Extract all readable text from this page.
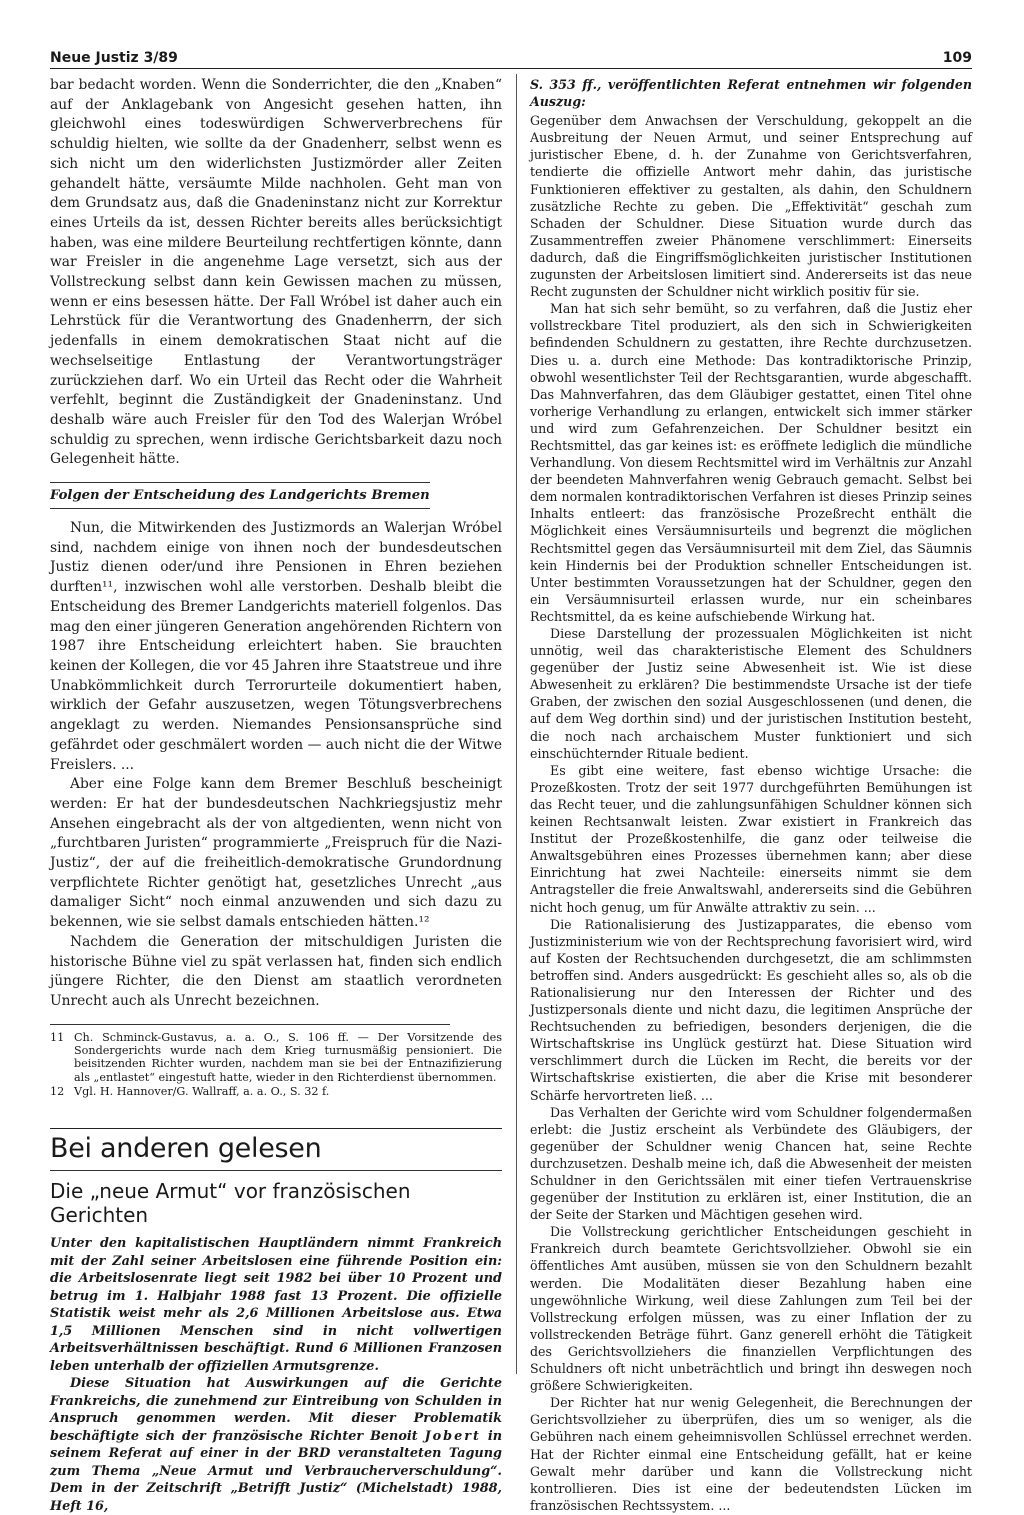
Neue Justiz 3/89	109

bar bedacht worden. Wenn die Sonderrichter, die den „Knaben“ auf der Anklagebank von Angesicht gesehen hatten, ihn gleichwohl eines todeswürdigen Schwerverbrechens für schuldig hielten, wie sollte da der Gnadenherr, selbst wenn es sich nicht um den widerlichsten Justizmörder aller Zeiten gehandelt hätte, versäumte Milde nachholen. Geht man von dem Grundsatz aus, daß die Gnadeninstanz nicht zur Korrektur eines Urteils da ist, dessen Richter bereits alles berücksichtigt haben, was eine mildere Beurteilung rechtfertigen könnte, dann war Freisler in die angenehme Lage versetzt, sich aus der Vollstreckung selbst dann kein Gewissen machen zu müssen, wenn er eins besessen hätte. Der Fall Wróbel ist daher auch ein Lehrstück für die Verantwortung des Gnadenherrn, der sich jedenfalls in einem demokratischen Staat nicht auf die wechselseitige Entlastung der Verantwortungsträger zurückziehen darf. Wo ein Urteil das Recht oder die Wahrheit verfehlt, beginnt die Zuständigkeit der Gnadeninstanz. Und deshalb wäre auch Freisler für den Tod des Walerjan Wróbel schuldig zu sprechen, wenn irdische Gerichtsbarkeit dazu noch Gelegenheit hätte.

Folgen der Entscheidung des Landgerichts Bremen

Nun, die Mitwirkenden des Justizmords an Walerjan Wróbel sind, nachdem einige von ihnen noch der bundesdeutschen Justiz dienen oder/und ihre Pensionen in Ehren beziehen durften¹¹, inzwischen wohl alle verstorben. Deshalb bleibt die Entscheidung des Bremer Landgerichts materiell folgenlos. Das mag den einer jüngeren Generation angehörenden Richtern von 1987 ihre Entscheidung erleichtert haben. Sie brauchten keinen der Kollegen, die vor 45 Jahren ihre Staatstreue und ihre Unabkömmlichkeit durch Terrorurteile dokumentiert haben, wirklich der Gefahr auszusetzen, wegen Tötungsverbrechens angeklagt zu werden. Niemandes Pensionsansprüche sind gefährdet oder geschmälert worden — auch nicht die der Witwe Freislers. ...

Aber eine Folge kann dem Bremer Beschluß bescheinigt werden: Er hat der bundesdeutschen Nachkriegsjustiz mehr Ansehen eingebracht als der von altgedienten, wenn nicht von „furchtbaren Juristen“ programmierte „Freispruch für die Nazi-Justiz“, der auf die freiheitlich-demokratische Grundordnung verpflichtete Richter genötigt hat, gesetzliches Unrecht „aus damaliger Sicht“ noch einmal anzuwenden und sich dazu zu bekennen, wie sie selbst damals entschieden hätten.¹²

Nachdem die Generation der mitschuldigen Juristen die historische Bühne viel zu spät verlassen hat, finden sich endlich jüngere Richter, die den Dienst am staatlich verordneten Unrecht auch als Unrecht bezeichnen.

11 Ch. Schminck-Gustavus, a. a. O., S. 106 ff. — Der Vorsitzende des Sondergerichts wurde nach dem Krieg turnusmäßig pensioniert. Die beisitzenden Richter wurden, nachdem man sie bei der Entnazifizierung als „entlastet“ eingestuft hatte, wieder in den Richterdienst übernommen.
12 Vgl. H. Hannover/G. Wallraff, a. a. O., S. 32 f.
Bei anderen gelesen
Die „neue Armut“ vor französischen Gerichten

Unter den kapitalistischen Hauptländern nimmt Frankreich mit der Zahl seiner Arbeitslosen eine führende Position ein: die Arbeitslosenrate liegt seit 1982 bei über 10 Prozent und betrug im 1. Halbjahr 1988 fast 13 Prozent. Die offizielle Statistik weist mehr als 2,6 Millionen Arbeitslose aus. Etwa 1,5 Millionen Menschen sind in nicht vollwertigen Arbeitsverhältnissen beschäftigt. Rund 6 Millionen Franzosen leben unterhalb der offiziellen Armutsgrenze.

Diese Situation hat Auswirkungen auf die Gerichte Frankreichs, die zunehmend zur Eintreibung von Schulden in Anspruch genommen werden. Mit dieser Problematik beschäftigte sich der französische Richter Benoit Jobert in seinem Referat auf einer in der BRD veranstalteten Tagung zum Thema „Neue Armut und Verbraucherverschuldung“. Dem in der Zeitschrift „Betrifft Justiz“ (Michelstadt) 1988, Heft 16,

S. 353 ff., veröffentlichten Referat entnehmen wir folgenden Auszug:

Gegenüber dem Anwachsen der Verschuldung, gekoppelt an die Ausbreitung der Neuen Armut, und seiner Entsprechung auf juristischer Ebene, d. h. der Zunahme von Gerichtsverfahren, tendierte die offizielle Antwort mehr dahin, das juristische Funktionieren effektiver zu gestalten, als dahin, den Schuldnern zusätzliche Rechte zu geben. Die „Effektivität“ geschah zum Schaden der Schuldner. Diese Situation wurde durch das Zusammentreffen zweier Phänomene verschlimmert: Einerseits dadurch, daß die Eingriffsmöglichkeiten juristischer Institutionen zugunsten der Arbeitslosen limitiert sind. Andererseits ist das neue Recht zugunsten der Schuldner nicht wirklich positiv für sie.

Man hat sich sehr bemüht, so zu verfahren, daß die Justiz eher vollstreckbare Titel produziert, als den sich in Schwierigkeiten befindenden Schuldnern zu gestatten, ihre Rechte durchzusetzen. Dies u. a. durch eine Methode: Das kontradiktorische Prinzip, obwohl wesentlichster Teil der Rechtsgarantien, wurde abgeschafft. Das Mahnverfahren, das dem Gläubiger gestattet, einen Titel ohne vorherige Verhandlung zu erlangen, entwickelt sich immer stärker und wird zum Gefahrenzeichen. Der Schuldner besitzt ein Rechtsmittel, das gar keines ist: es eröffnete lediglich die mündliche Verhandlung. Von diesem Rechtsmittel wird im Verhältnis zur Anzahl der beendeten Mahnverfahren wenig Gebrauch gemacht. Selbst bei dem normalen kontradiktorischen Verfahren ist dieses Prinzip seines Inhalts entleert: das französische Prozeßrecht enthält die Möglichkeit eines Versäumnisurteils und begrenzt die möglichen Rechtsmittel gegen das Versäumnisurteil mit dem Ziel, das Säumnis kein Hindernis bei der Produktion schneller Entscheidungen ist. Unter bestimmten Voraussetzungen hat der Schuldner, gegen den ein Versäumnisurteil erlassen wurde, nur ein scheinbares Rechtsmittel, da es keine aufschiebende Wirkung hat.

Diese Darstellung der prozessualen Möglichkeiten ist nicht unnötig, weil das charakteristische Element des Schuldners gegenüber der Justiz seine Abwesenheit ist. Wie ist diese Abwesenheit zu erklären? Die bestimmendste Ursache ist der tiefe Graben, der zwischen den sozial Ausgeschlossenen (und denen, die auf dem Weg dorthin sind) und der juristischen Institution besteht, die noch nach archaischem Muster funktioniert und sich einschüchternder Rituale bedient.

Es gibt eine weitere, fast ebenso wichtige Ursache: die Prozeßkosten. Trotz der seit 1977 durchgeführten Bemühungen ist das Recht teuer, und die zahlungsunfähigen Schuldner können sich keinen Rechtsanwalt leisten. Zwar existiert in Frankreich das Institut der Prozeßkostenhilfe, die ganz oder teilweise die Anwaltsgebühren eines Prozesses übernehmen kann; aber diese Einrichtung hat zwei Nachteile: einerseits nimmt sie dem Antragsteller die freie Anwaltswahl, andererseits sind die Gebühren nicht hoch genug, um für Anwälte attraktiv zu sein. ...

Die Rationalisierung des Justizapparates, die ebenso vom Justizministerium wie von der Rechtsprechung favorisiert wird, wird auf Kosten der Rechtsuchenden durchgesetzt, die am schlimmsten betroffen sind. Anders ausgedrückt: Es geschieht alles so, als ob die Rationalisierung nur den Interessen der Richter und des Justizpersonals diente und nicht dazu, die legitimen Ansprüche der Rechtsuchenden zu befriedigen, besonders derjenigen, die die Wirtschaftskrise ins Unglück gestürzt hat. Diese Situation wird verschlimmert durch die Lücken im Recht, die bereits vor der Wirtschaftskrise existierten, die aber die Krise mit besonderer Schärfe hervortreten ließ. ...

Das Verhalten der Gerichte wird vom Schuldner folgendermaßen erlebt: die Justiz erscheint als Verbündete des Gläubigers, der gegenüber der Schuldner wenig Chancen hat, seine Rechte durchzusetzen. Deshalb meine ich, daß die Abwesenheit der meisten Schuldner in den Gerichtssälen mit einer tiefen Vertrauenskrise gegenüber der Institution zu erklären ist, einer Institution, die an der Seite der Starken und Mächtigen gesehen wird.

Die Vollstreckung gerichtlicher Entscheidungen geschieht in Frankreich durch beamtete Gerichtsvollzieher. Obwohl sie ein öffentliches Amt ausüben, müssen sie von den Schuldnern bezahlt werden. Die Modalitäten dieser Bezahlung haben eine ungewöhnliche Wirkung, weil diese Zahlungen zum Teil bei der Vollstreckung erfolgen müssen, was zu einer Inflation der zu vollstreckenden Beträge führt. Ganz generell erhöht die Tätigkeit des Gerichtsvollziehers die finanziellen Verpflichtungen des Schuldners oft nicht unbeträchtlich und bringt ihn deswegen noch größere Schwierigkeiten.

Der Richter hat nur wenig Gelegenheit, die Berechnungen der Gerichtsvollzieher zu überprüfen, dies um so weniger, als die Gebühren nach einem geheimnisvollen Schlüssel errechnet werden. Hat der Richter einmal eine Entscheidung gefällt, hat er keine Gewalt mehr darüber und kann die Vollstreckung nicht kontrollieren. Dies ist eine der bedeutendsten Lücken im französischen Rechtssystem. ...
